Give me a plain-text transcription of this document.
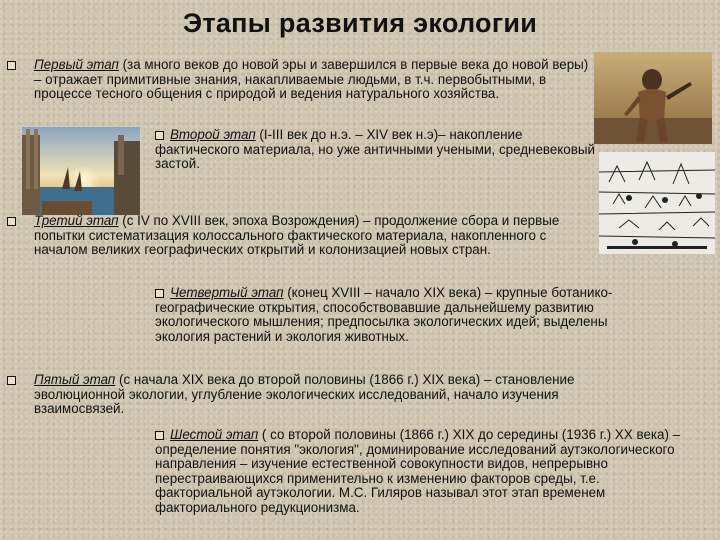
Этапы развития экологии
Первый этап (за много веков до новой эры и завершился в первые века до новой веры) – отражает примитивные знания, накапливаемые людьми, в т.ч. первобытными, в процессе тесного общения с природой и ведения натурального хозяйства.
Второй этап (I-III век до н.э. – XIV век н.э)– накопление фактического материала, но уже античными учеными, средневековый застой.
Третий этап (с IV по XVIII век, эпоха Возрождения) – продолжение сбора и первые попытки систематизация колоссального фактического материала, накопленного с началом великих географических открытий и колонизацией новых стран.
Четвертый этап (конец XVIII – начало XIX века) – крупные ботанико-географические открытия, способствовавшие дальнейшему развитию экологического мышления; предпосылка экологических идей; выделены экология растений и экология животных.
Пятый этап (с начала XIX века до второй половины (1866 г.) XIX века) – становление эволюционной экологии, углубление экологических исследований, начало изучения взаимосвязей.
Шестой этап ( со второй половины (1866 г.) XIX до середины (1936 г.) XX века) – определение понятия "экология", доминирование исследований аутэкологического направления – изучение естественной совокупности видов, непрерывно перестраивающихся применительно к изменению факторов среды, т.е. факториальной аутэкологии. М.С. Гиляров называл этот этап временем факториального редукционизма.
